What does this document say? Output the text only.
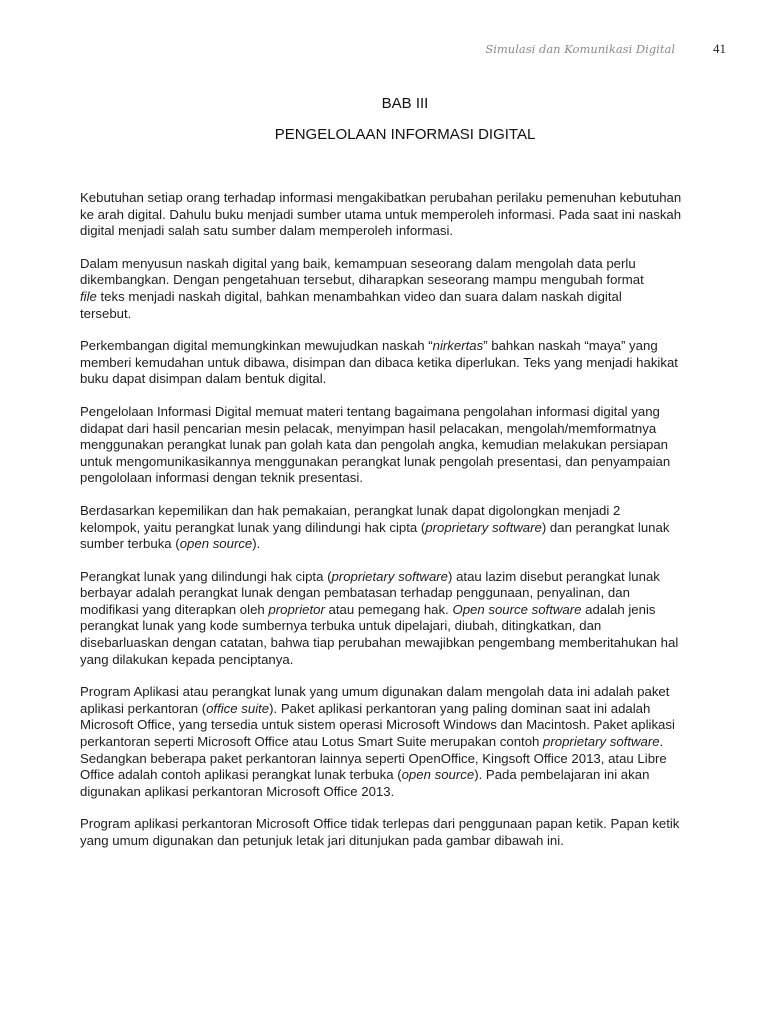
Simulasi dan Komunikasi Digital	41
BAB III
PENGELOLAAN INFORMASI DIGITAL

Kebutuhan setiap orang terhadap informasi mengakibatkan perubahan perilaku pemenuhan kebutuhan
ke arah digital. Dahulu buku menjadi sumber utama untuk memperoleh informasi. Pada saat ini naskah
digital menjadi salah satu sumber dalam memperoleh informasi.

Dalam menyusun naskah digital yang baik, kemampuan seseorang dalam mengolah data perlu
dikembangkan. Dengan pengetahuan tersebut, diharapkan seseorang mampu mengubah format
file teks menjadi naskah digital, bahkan menambahkan video dan suara dalam naskah digital
tersebut.

Perkembangan digital memungkinkan mewujudkan naskah “nirkertas” bahkan naskah “maya” yang
memberi kemudahan untuk dibawa, disimpan dan dibaca ketika diperlukan. Teks yang menjadi hakikat
buku dapat disimpan dalam bentuk digital.

Pengelolaan Informasi Digital memuat materi tentang bagaimana pengolahan informasi digital yang
didapat dari hasil pencarian mesin pelacak, menyimpan hasil pelacakan, mengolah/memformatnya
menggunakan perangkat lunak pan golah kata dan pengolah angka, kemudian melakukan persiapan
untuk mengomunikasikannya menggunakan perangkat lunak pengolah presentasi, dan penyampaian
pengololaan informasi dengan teknik presentasi.

Berdasarkan kepemilikan dan hak pemakaian, perangkat lunak dapat digolongkan menjadi 2
kelompok, yaitu perangkat lunak yang dilindungi hak cipta (proprietary software) dan perangkat lunak
sumber terbuka (open source).

Perangkat lunak yang dilindungi hak cipta (proprietary software) atau lazim disebut perangkat lunak
berbayar adalah perangkat lunak dengan pembatasan terhadap penggunaan, penyalinan, dan
modifikasi yang diterapkan oleh proprietor atau pemegang hak. Open source software adalah jenis
perangkat lunak yang kode sumbernya terbuka untuk dipelajari, diubah, ditingkatkan, dan
disebarluaskan dengan catatan, bahwa tiap perubahan mewajibkan pengembang memberitahukan hal
yang dilakukan kepada penciptanya.

Program Aplikasi atau perangkat lunak yang umum digunakan dalam mengolah data ini adalah paket
aplikasi perkantoran (office suite). Paket aplikasi perkantoran yang paling dominan saat ini adalah
Microsoft Office, yang tersedia untuk sistem operasi Microsoft Windows dan Macintosh. Paket aplikasi
perkantoran seperti Microsoft Office atau Lotus Smart Suite merupakan contoh proprietary software.
Sedangkan beberapa paket perkantoran lainnya seperti OpenOffice, Kingsoft Office 2013, atau Libre
Office adalah contoh aplikasi perangkat lunak terbuka (open source). Pada pembelajaran ini akan
digunakan aplikasi perkantoran Microsoft Office 2013.

Program aplikasi perkantoran Microsoft Office tidak terlepas dari penggunaan papan ketik. Papan ketik
yang umum digunakan dan petunjuk letak jari ditunjukan pada gambar dibawah ini.
